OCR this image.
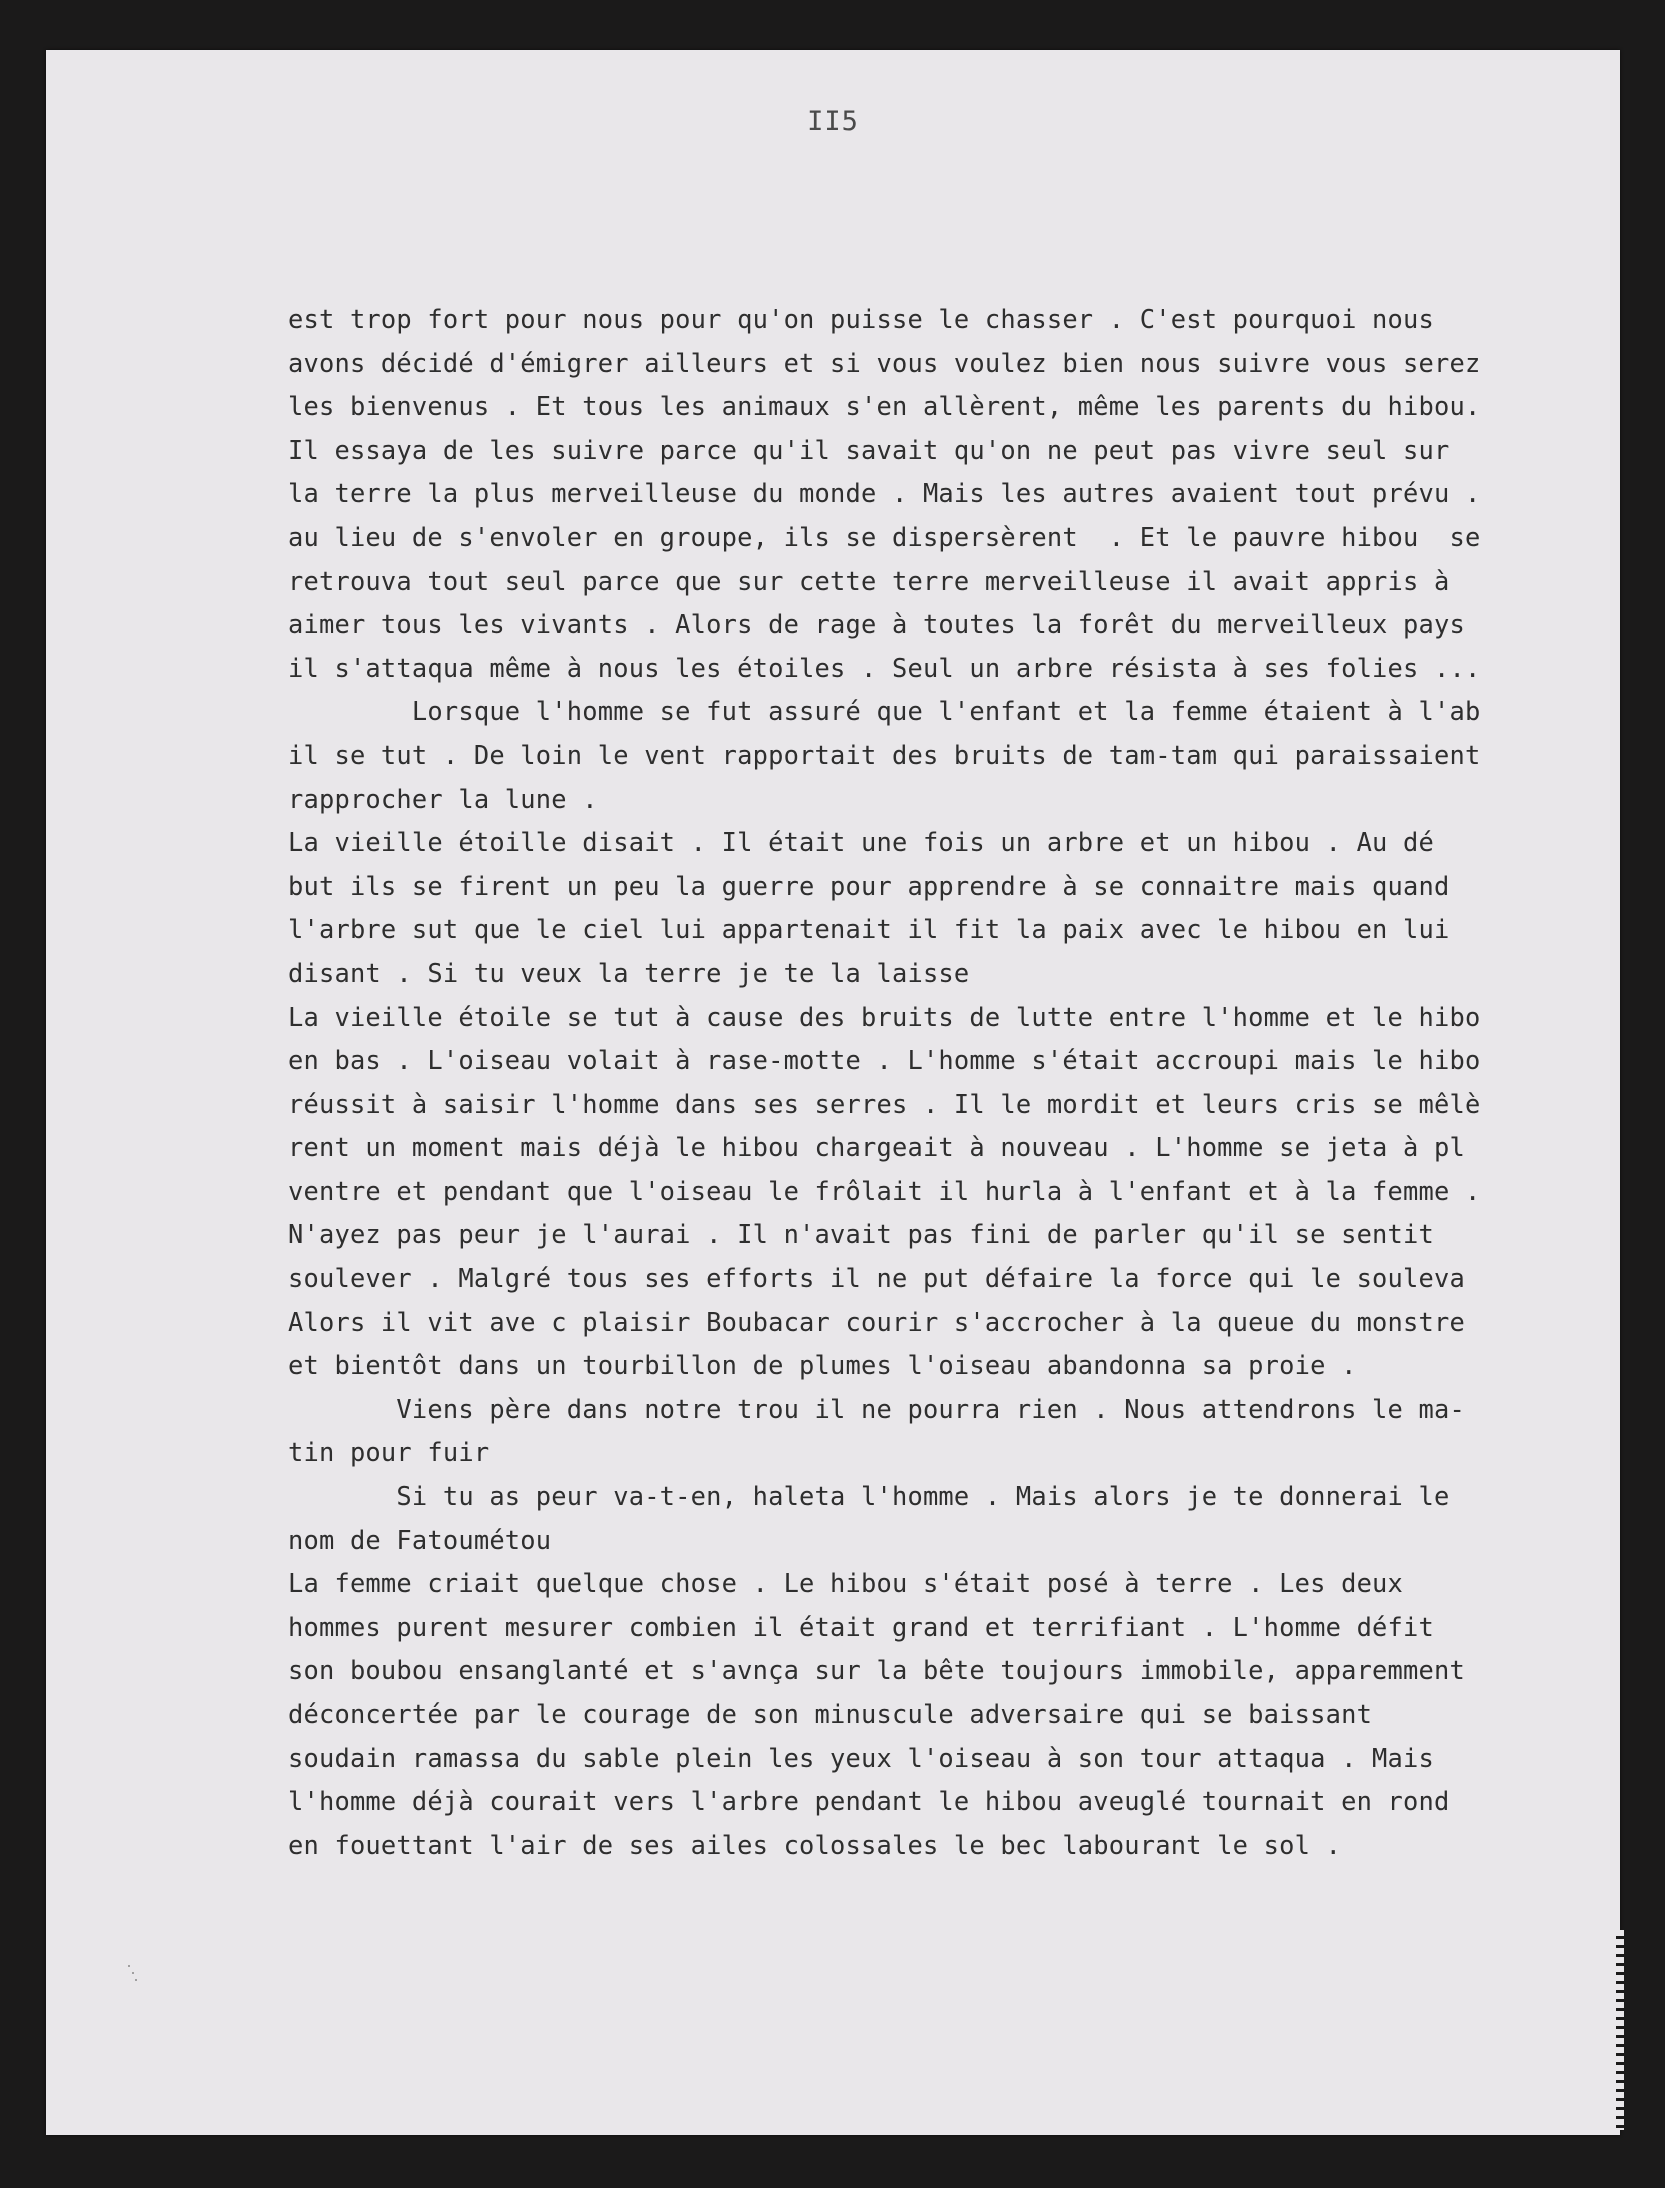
II5
est trop fort pour nous pour qu'on puisse le chasser . C'est pourquoi nous
avons décidé d'émigrer ailleurs et si vous voulez bien nous suivre vous serez
les bienvenus . Et tous les animaux s'en allèrent, même les parents du hibou.
Il essaya de les suivre parce qu'il savait qu'on ne peut pas vivre seul sur
la terre la plus merveilleuse du monde . Mais les autres avaient tout prévu .
au lieu de s'envoler en groupe, ils se dispersèrent  . Et le pauvre hibou  se
retrouva tout seul parce que sur cette terre merveilleuse il avait appris à
aimer tous les vivants . Alors de rage à toutes la forêt du merveilleux pays
il s'attaqua même à nous les étoiles . Seul un arbre résista à ses folies ...
Lorsque l'homme se fut assuré que l'enfant et la femme étaient à l'ab
il se tut . De loin le vent rapportait des bruits de tam-tam qui paraissaient
rapprocher la lune .
La vieille étoille disait . Il était une fois un arbre et un hibou . Au dé
but ils se firent un peu la guerre pour apprendre à se connaitre mais quand
l'arbre sut que le ciel lui appartenait il fit la paix avec le hibou en lui
disant . Si tu veux la terre je te la laisse
La vieille étoile se tut à cause des bruits de lutte entre l'homme et le hibo
en bas . L'oiseau volait à rase-motte . L'homme s'était accroupi mais le hibo
réussit à saisir l'homme dans ses serres . Il le mordit et leurs cris se mêlè
rent un moment mais déjà le hibou chargeait à nouveau . L'homme se jeta à pl
ventre et pendant que l'oiseau le frôlait il hurla à l'enfant et à la femme .
N'ayez pas peur je l'aurai . Il n'avait pas fini de parler qu'il se sentit
soulever . Malgré tous ses efforts il ne put défaire la force qui le souleva
Alors il vit ave c plaisir Boubacar courir s'accrocher à la queue du monstre
et bientôt dans un tourbillon de plumes l'oiseau abandonna sa proie .
Viens père dans notre trou il ne pourra rien . Nous attendrons le ma-
tin pour fuir
Si tu as peur va-t-en, haleta l'homme . Mais alors je te donnerai le
nom de Fatoumétou
La femme criait quelque chose . Le hibou s'était posé à terre . Les deux
hommes purent mesurer combien il était grand et terrifiant . L'homme défit
son boubou ensanglanté et s'avnça sur la bête toujours immobile, apparemment
déconcertée par le courage de son minuscule adversaire qui se baissant
soudain ramassa du sable plein les yeux l'oiseau à son tour attaqua . Mais
l'homme déjà courait vers l'arbre pendant le hibou aveuglé tournait en rond
en fouettant l'air de ses ailes colossales le bec labourant le sol .
